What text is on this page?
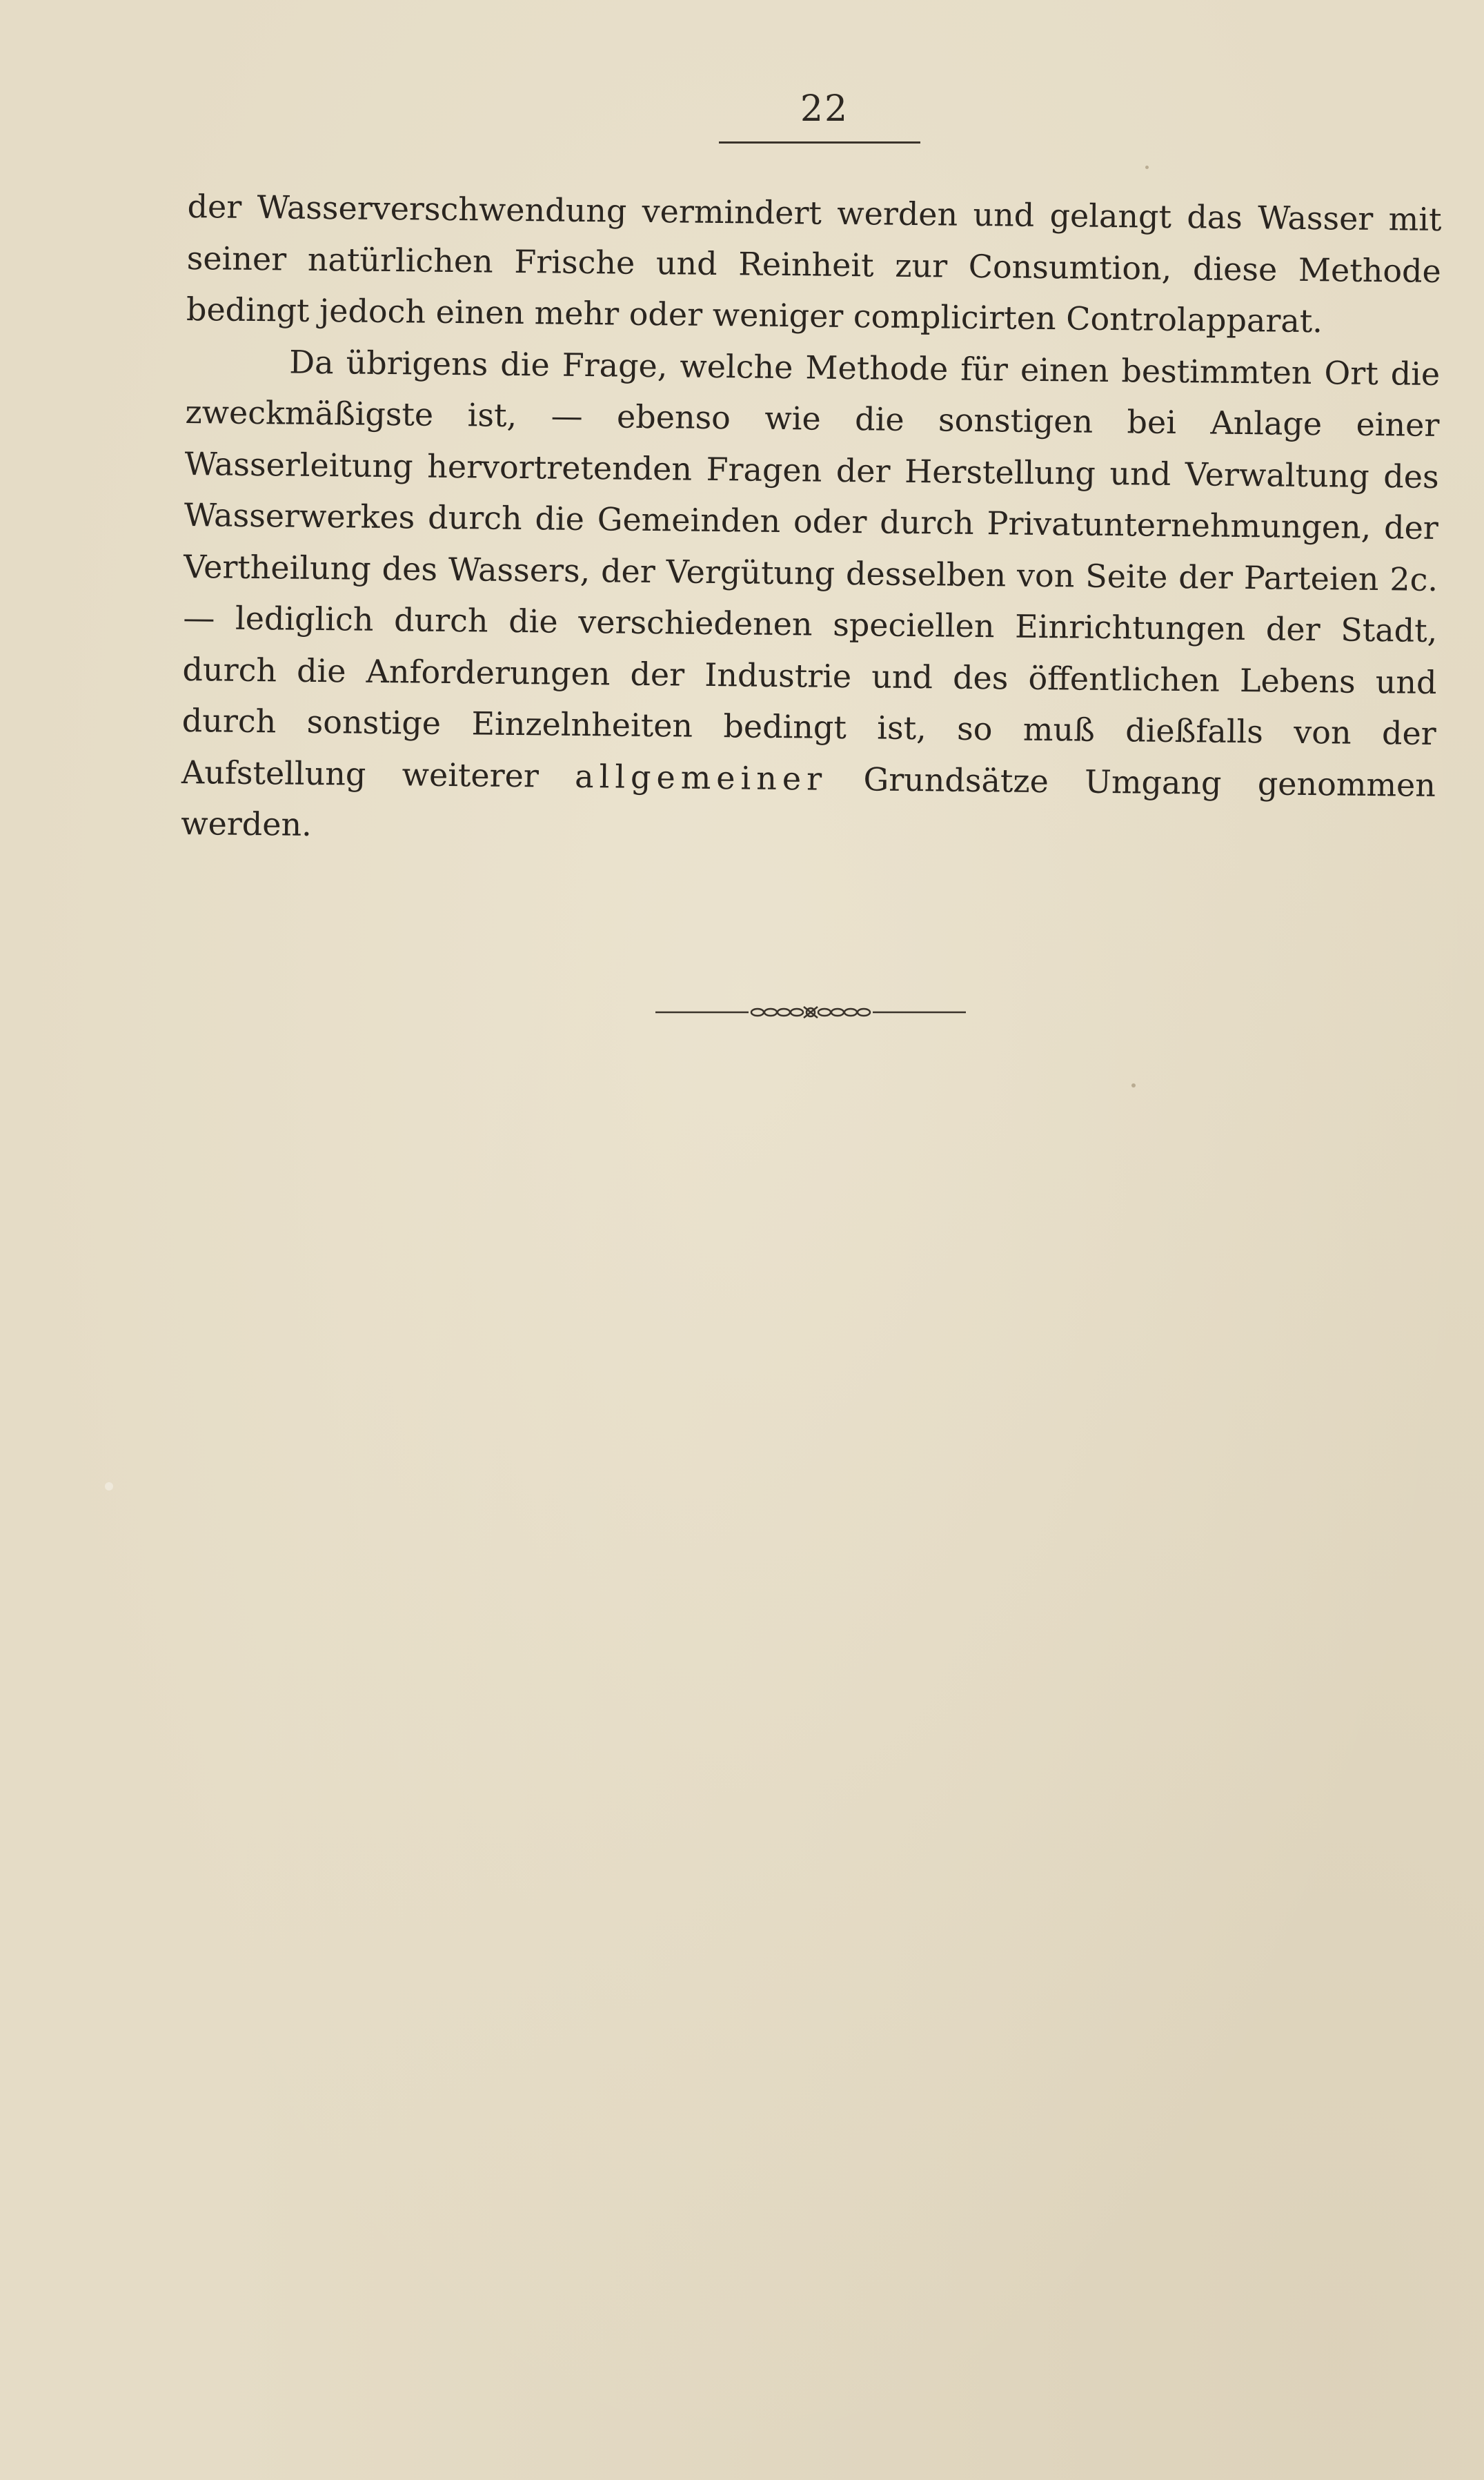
22

der Wasserverschwendung vermindert werden und gelangt das Wasser mit seiner natürlichen Frische und Reinheit zur Consumtion, diese Methode bedingt jedoch einen mehr oder weniger complicirten Controlapparat.

Da übrigens die Frage, welche Methode für einen bestimmten Ort die zweckmäßigste ist, — ebenso wie die sonstigen bei Anlage einer Wasserleitung hervortretenden Fragen der Herstellung und Verwaltung des Wasserwerkes durch die Gemeinden oder durch Privatunternehmungen, der Vertheilung des Wassers, der Vergütung desselben von Seite der Parteien 2c. — lediglich durch die verschiedenen speciellen Einrichtungen der Stadt, durch die Anforderungen der Industrie und des öffentlichen Lebens und durch sonstige Einzelnheiten bedingt ist, so muß dießfalls von der Aufstellung weiterer allgemeiner Grundsätze Umgang genommen werden.
